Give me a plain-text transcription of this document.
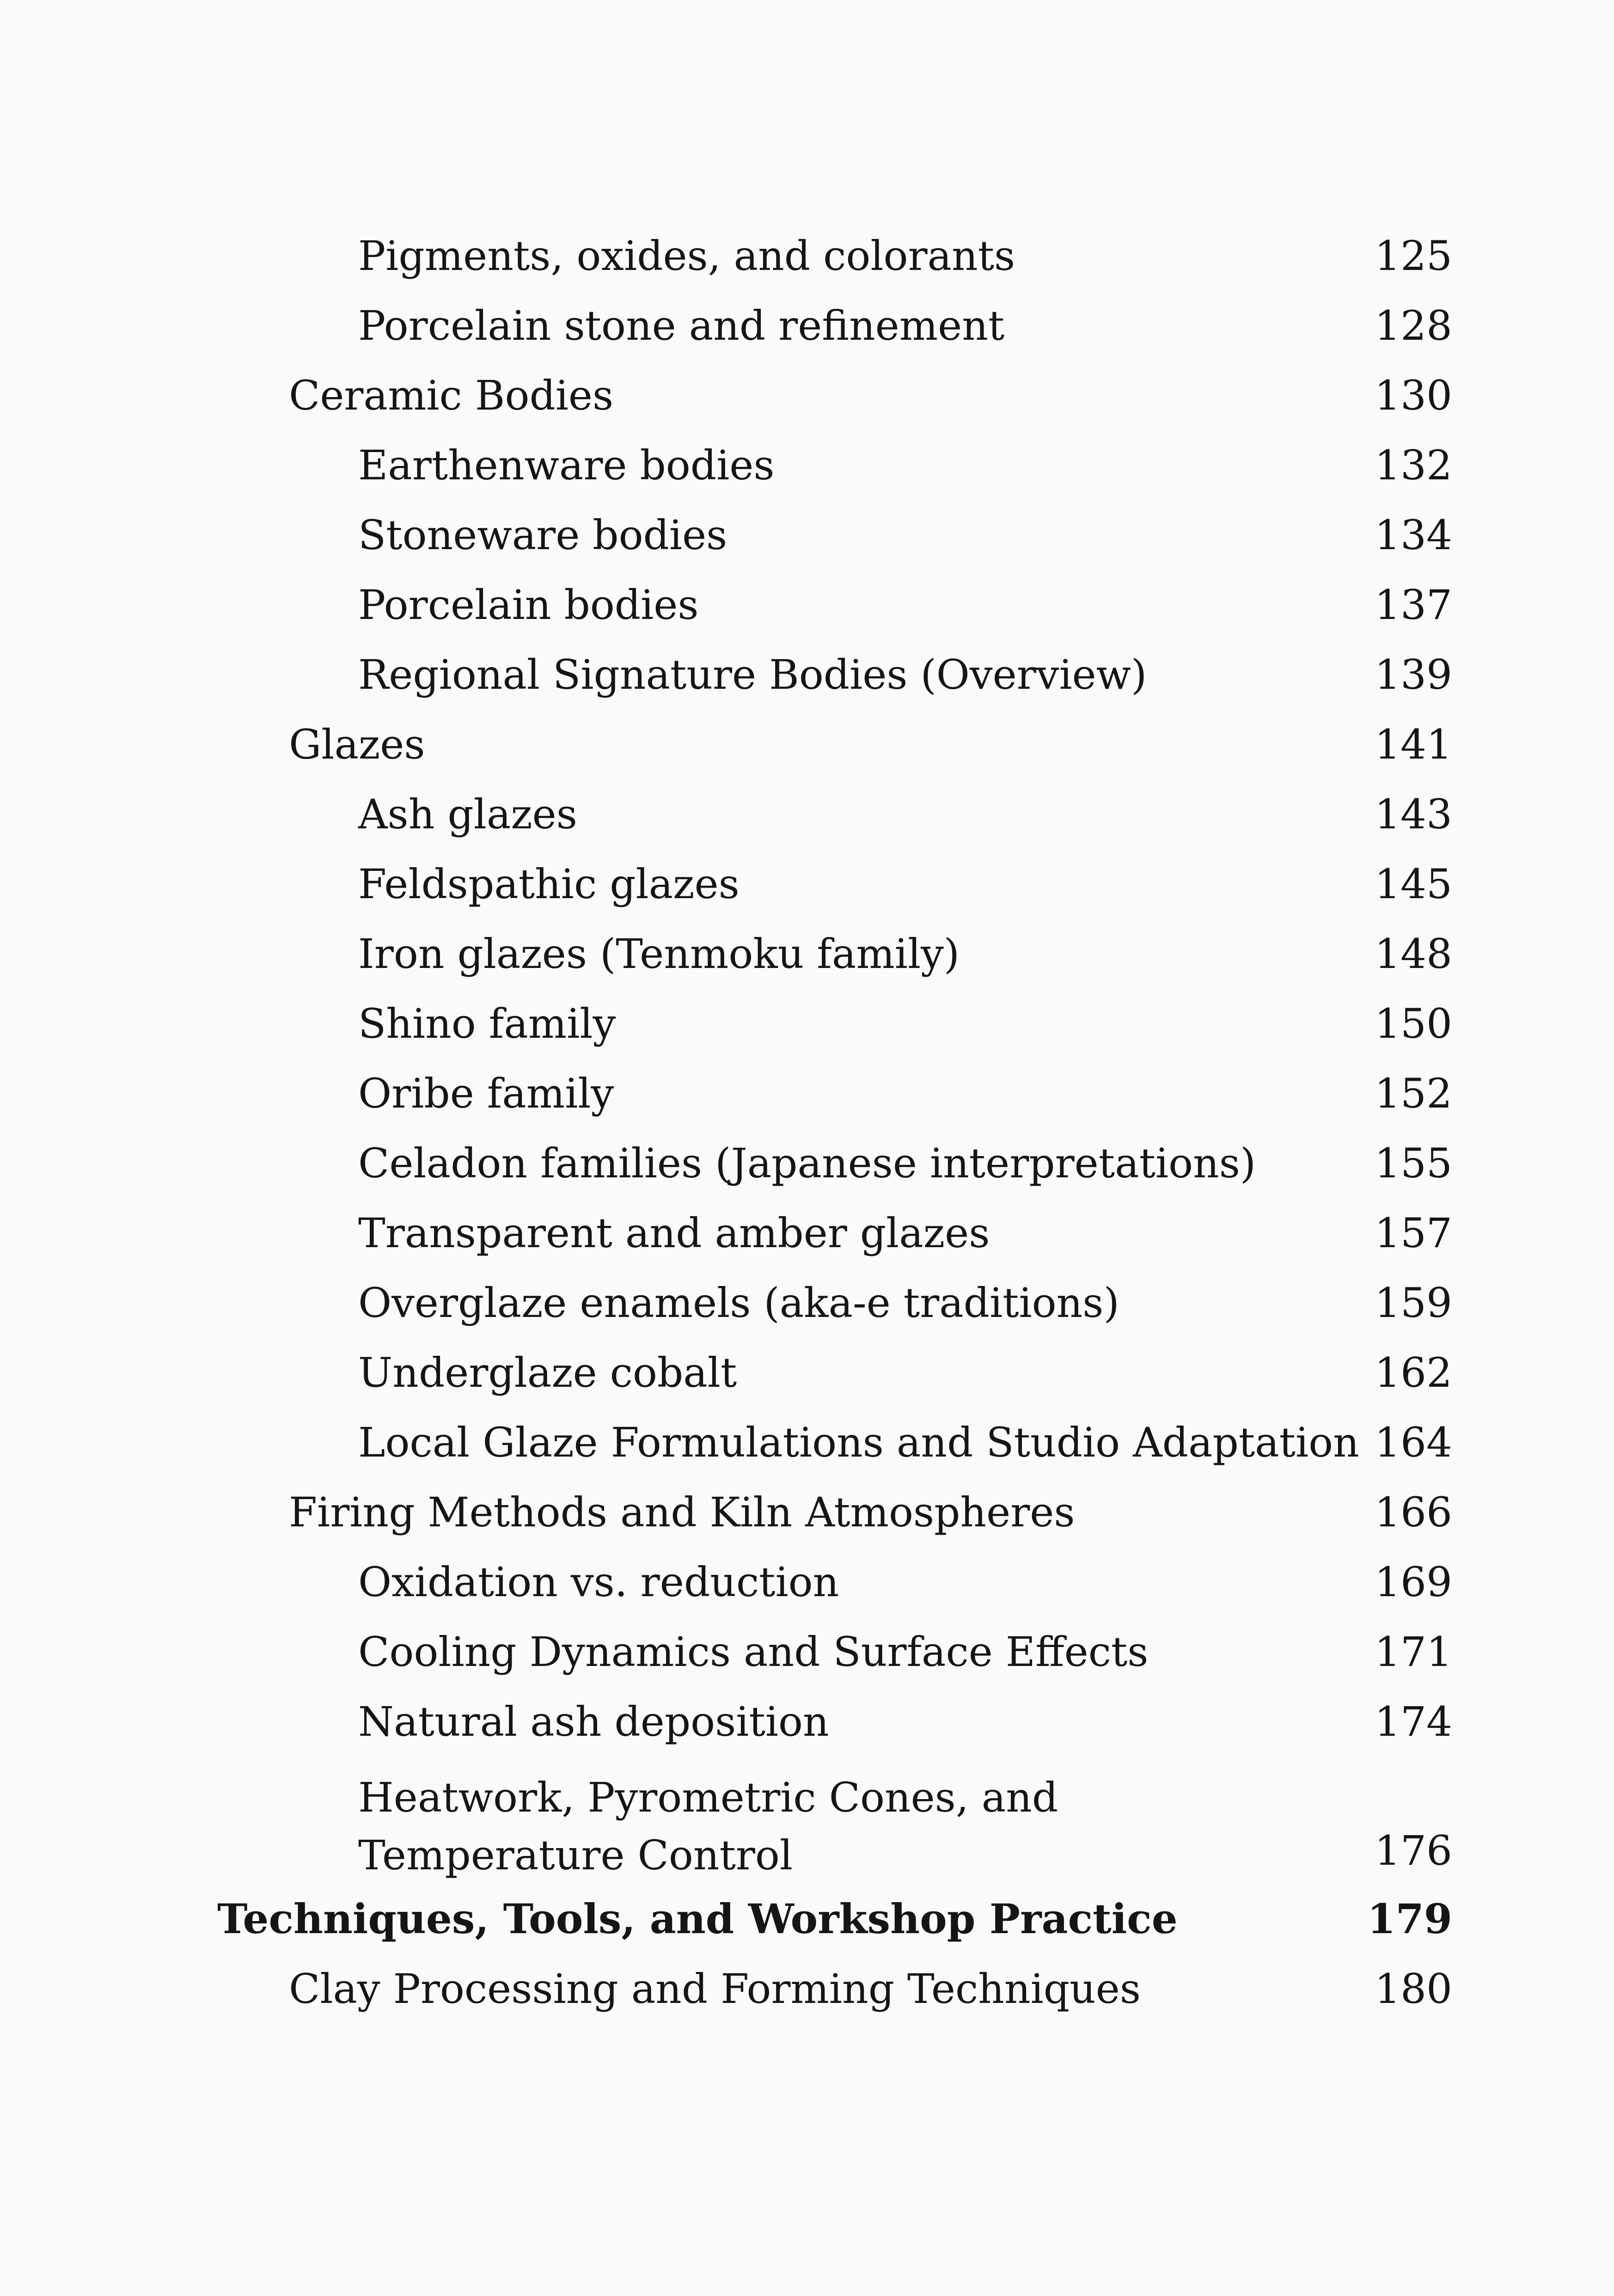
Pigments, oxides, and colorants	125
Porcelain stone and refinement	128
Ceramic Bodies	130
Earthenware bodies	132
Stoneware bodies	134
Porcelain bodies	137
Regional Signature Bodies (Overview)	139
Glazes	141
Ash glazes	143
Feldspathic glazes	145
Iron glazes (Tenmoku family)	148
Shino family	150
Oribe family	152
Celadon families (Japanese interpretations)	155
Transparent and amber glazes	157
Overglaze enamels (aka-e traditions)	159
Underglaze cobalt	162
Local Glaze Formulations and Studio Adaptation 164
Firing Methods and Kiln Atmospheres	166
Oxidation vs. reduction	169
Cooling Dynamics and Surface Effects	171
Natural ash deposition	174
Heatwork, Pyrometric Cones, and Temperature Control	176
Techniques, Tools, and Workshop Practice	179
Clay Processing and Forming Techniques	180
